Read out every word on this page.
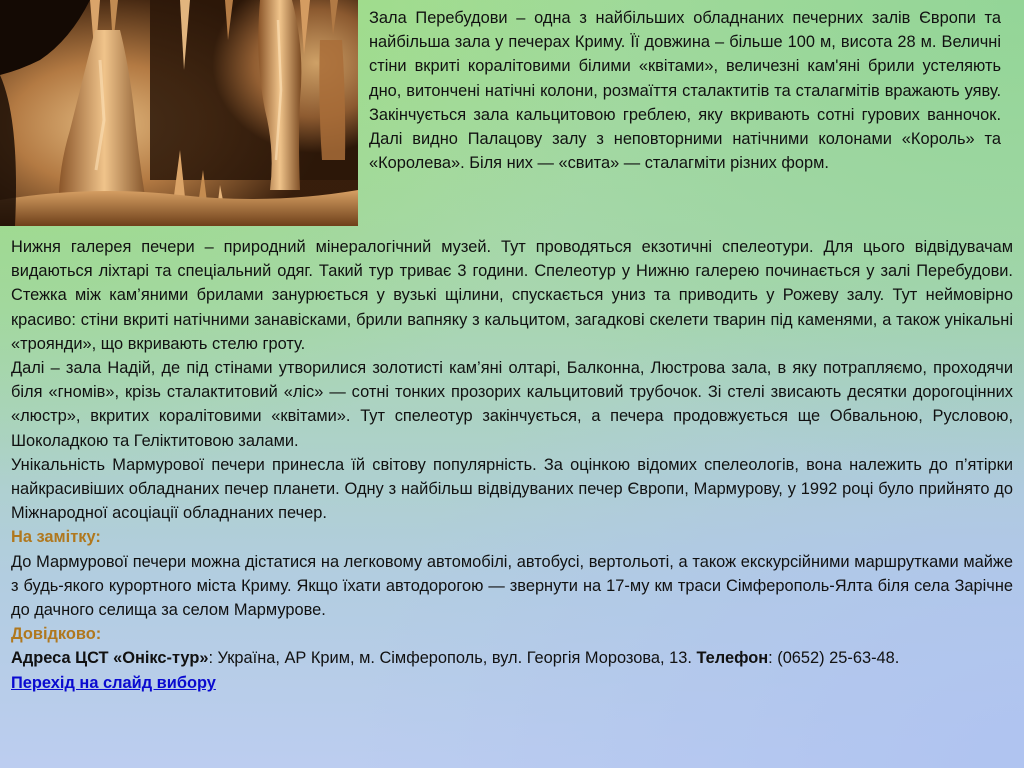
Зала Перебудови – одна з найбільших обладнаних печерних залів Європи та найбільша зала у печерах Криму. Її довжина – більше 100 м, висота 28 м. Величні стіни вкриті коралітовими білими «квітами», величезні кам'яні брили устеляють дно, витончені натічні колони, розмаїття сталактитів та сталагмітів вражають уяву. Закінчується зала кальцитовою греблею, яку вкривають сотні гурових ванночок. Далі видно Палацову залу з неповторними натічними колонами «Король» та «Королева». Біля них — «свита» — сталагміти різних форм.

Нижня галерея печери – природний мінералогічний музей. Тут проводяться екзотичні спелеотури. Для цього відвідувачам видаються ліхтарі та спеціальний одяг. Такий тур триває 3 години. Спелеотур у Нижню галерею починається у залі Перебудови. Стежка між кам’яними брилами занурюється у вузькі щілини, спускається униз та приводить у Рожеву залу. Тут неймовірно красиво: стіни вкриті натічними занавісками, брили вапняку з кальцитом, загадкові скелети тварин під каменями, а також унікальні «троянди», що вкривають стелю гроту.

Далі – зала Надій, де під стінами утворилися золотисті кам’яні олтарі, Балконна, Люстрова зала, в яку потрапляємо, проходячи біля «гномів», крізь сталактитовий «ліс» — сотні тонких прозорих кальцитовий трубочок. Зі стелі звисають десятки дорогоцінних «люстр», вкритих коралітовими «квітами». Тут спелеотур закінчується, а печера продовжується ще Обвальною, Русловою, Шоколадкою та Геліктитовою залами.

Унікальність Мармурової печери принесла їй світову популярність. За оцінкою відомих спелеологів, вона належить до п’ятірки найкрасивіших обладнаних печер планети. Одну з найбільш відвідуваних печер Європи, Мармурову, у 1992 році було прийнято до Міжнародної асоціації обладнаних печер.

На замітку:

До Мармурової печери можна дістатися на легковому автомобілі, автобусі, вертольоті, а також екскурсійними маршрутками майже з будь-якого курортного міста Криму. Якщо їхати автодорогою — звернути на 17-му км траси Сімферополь-Ялта біля села Зарічне до дачного селища за селом Мармурове.

Довідково:

Адреса ЦСТ «Онікс-тур»: Україна, АР Крим, м. Сімферополь, вул. Георгія Морозова, 13. Телефон: (0652) 25-63-48.

Перехід на слайд вибору
